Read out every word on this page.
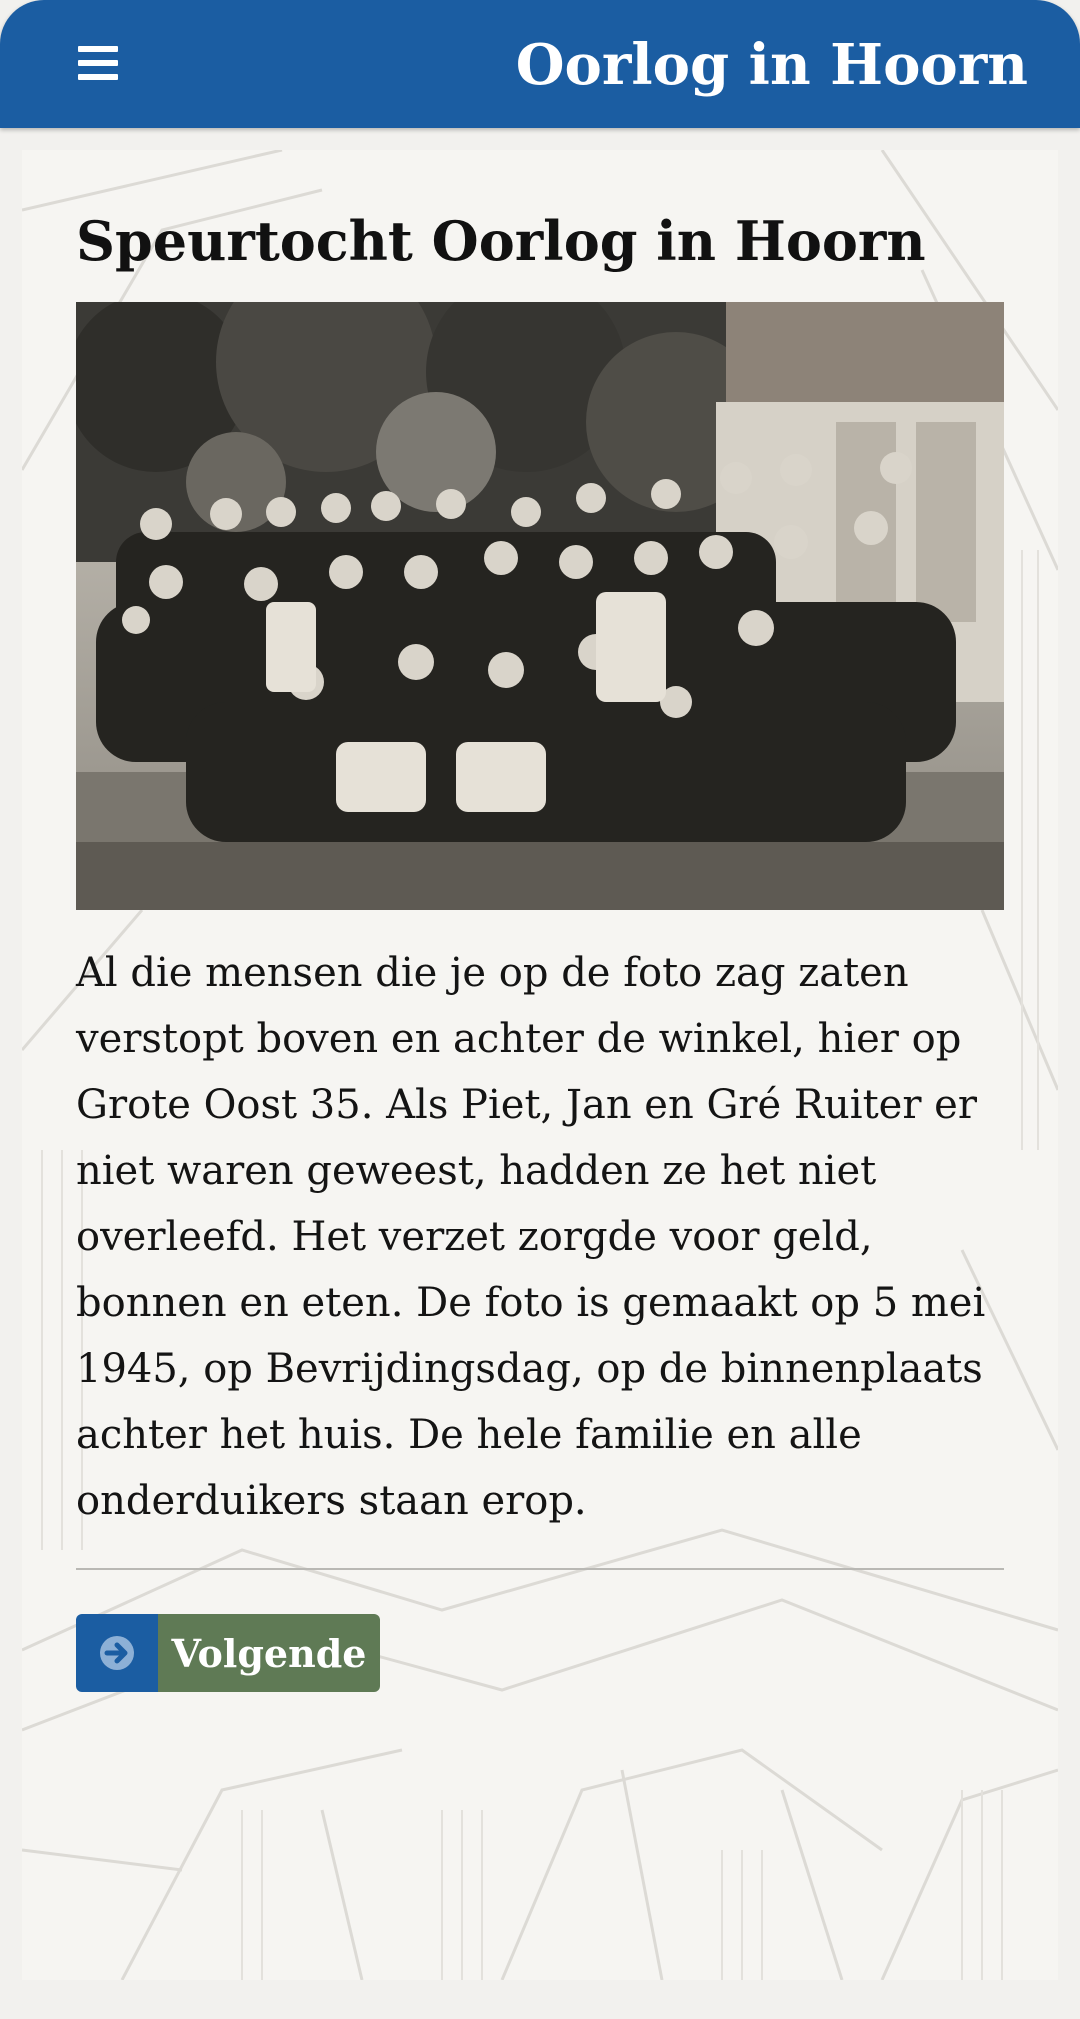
Oorlog in Hoorn
Speurtocht Oorlog in Hoorn
Al die mensen die je op de foto zag zaten verstopt boven en achter de winkel, hier op Grote Oost 35. Als Piet, Jan en Gré Ruiter er niet waren geweest, hadden ze het niet overleefd. Het verzet zorgde voor geld, bonnen en eten. De foto is gemaakt op 5 mei 1945, op Bevrijdingsdag, op de binnenplaats achter het huis. De hele familie en alle onderduikers staan erop.
Volgende
